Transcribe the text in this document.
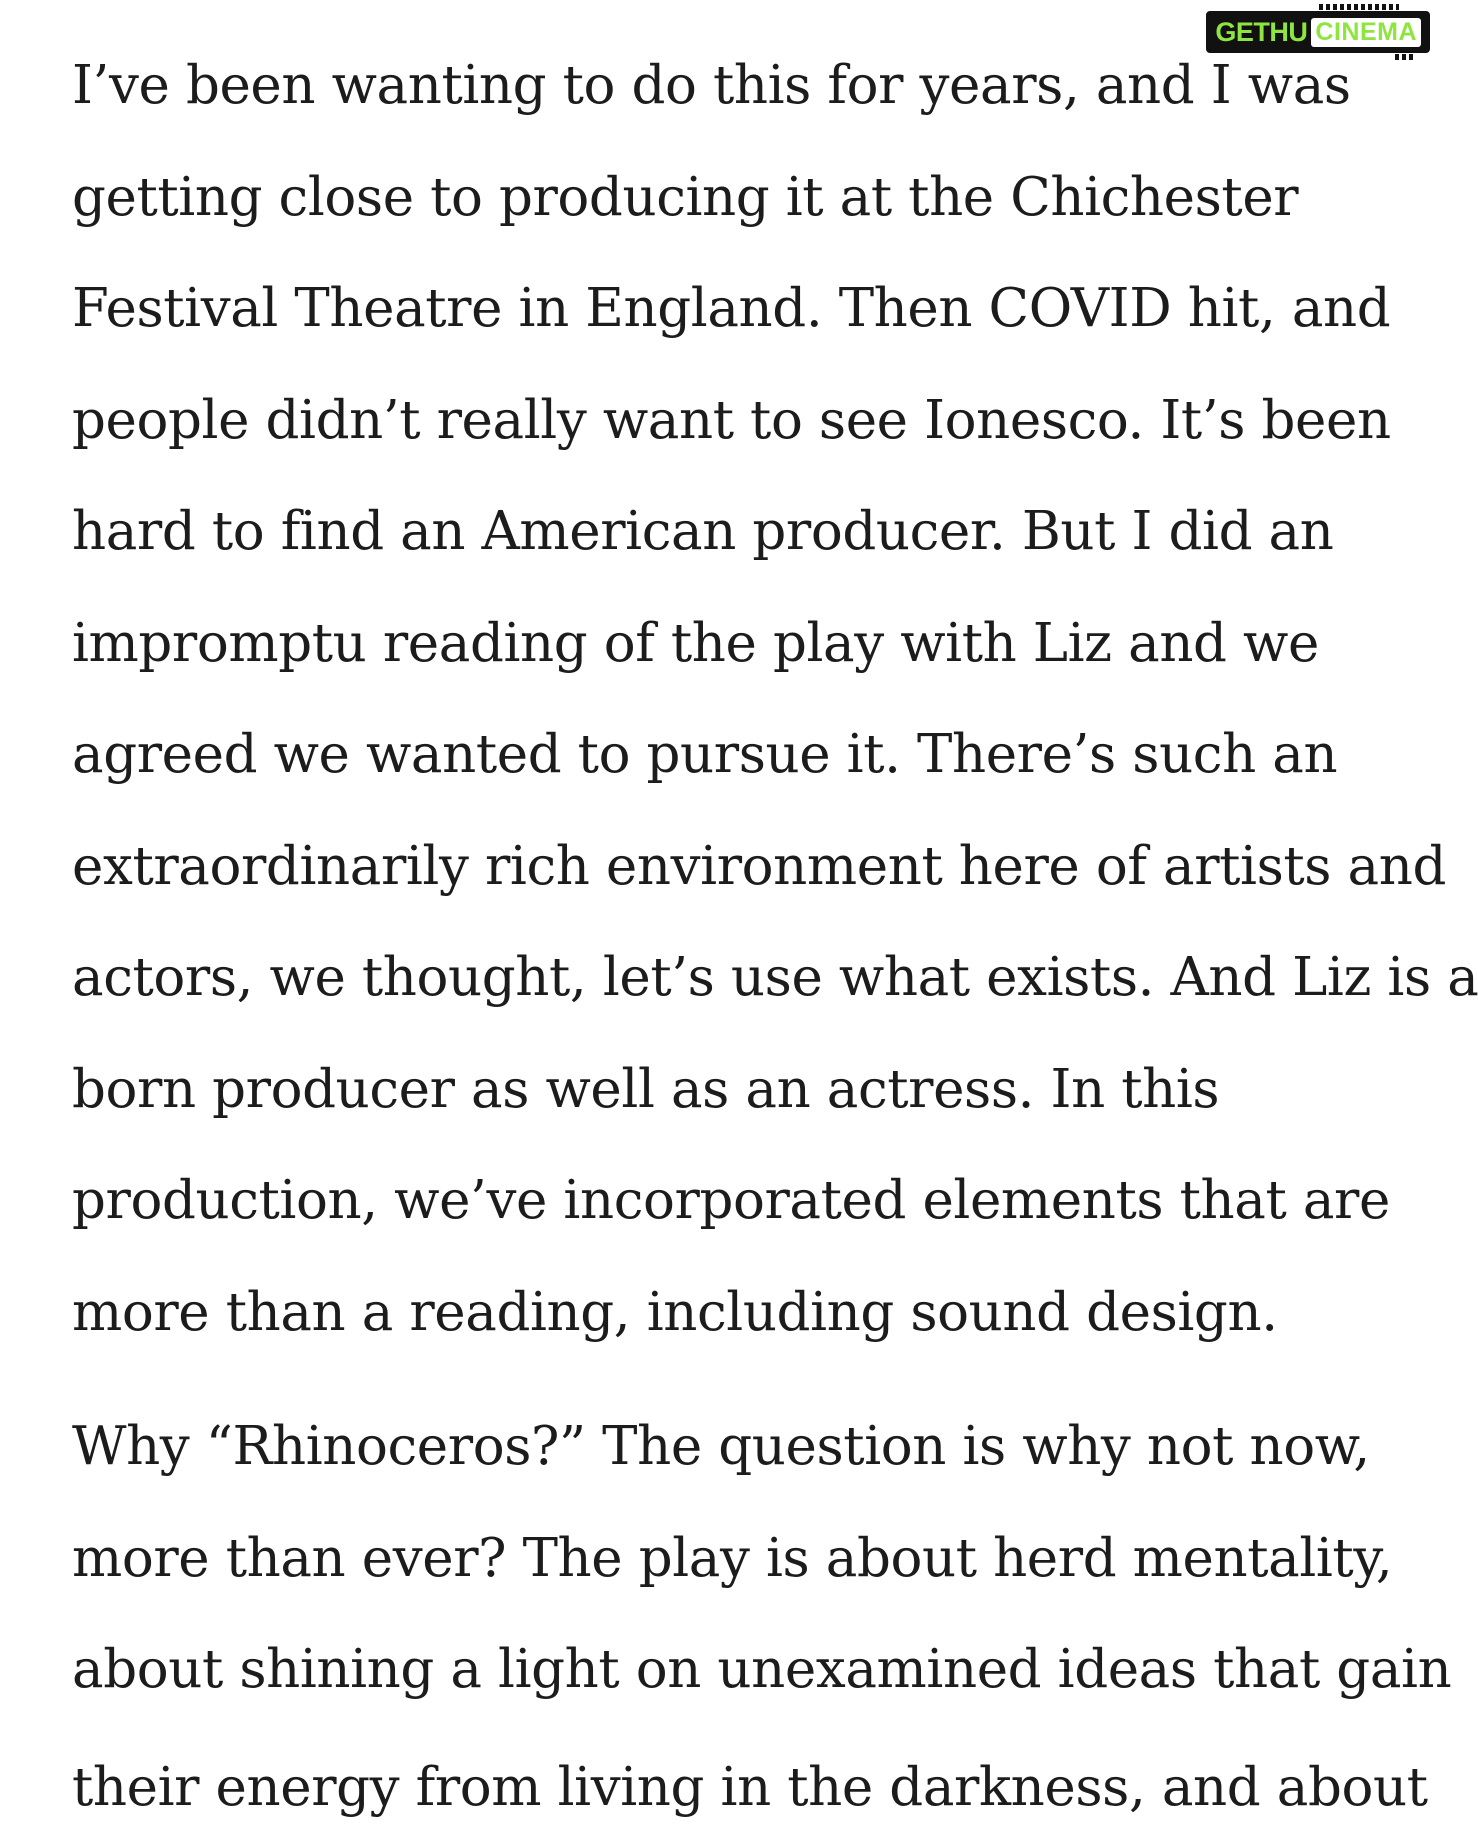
GETHU CINEMA

I’ve been wanting to do this for years, and I was
getting close to producing it at the Chichester
Festival Theatre in England. Then COVID hit, and
people didn’t really want to see Ionesco. It’s been
hard to find an American producer. But I did an
impromptu reading of the play with Liz and we
agreed we wanted to pursue it. There’s such an
extraordinarily rich environment here of artists and
actors, we thought, let’s use what exists. And Liz is a
born producer as well as an actress. In this
production, we’ve incorporated elements that are
more than a reading, including sound design.

Why “Rhinoceros?” The question is why not now,
more than ever? The play is about herd mentality,
about shining a light on unexamined ideas that gain

their energy from living in the darkness, and about
